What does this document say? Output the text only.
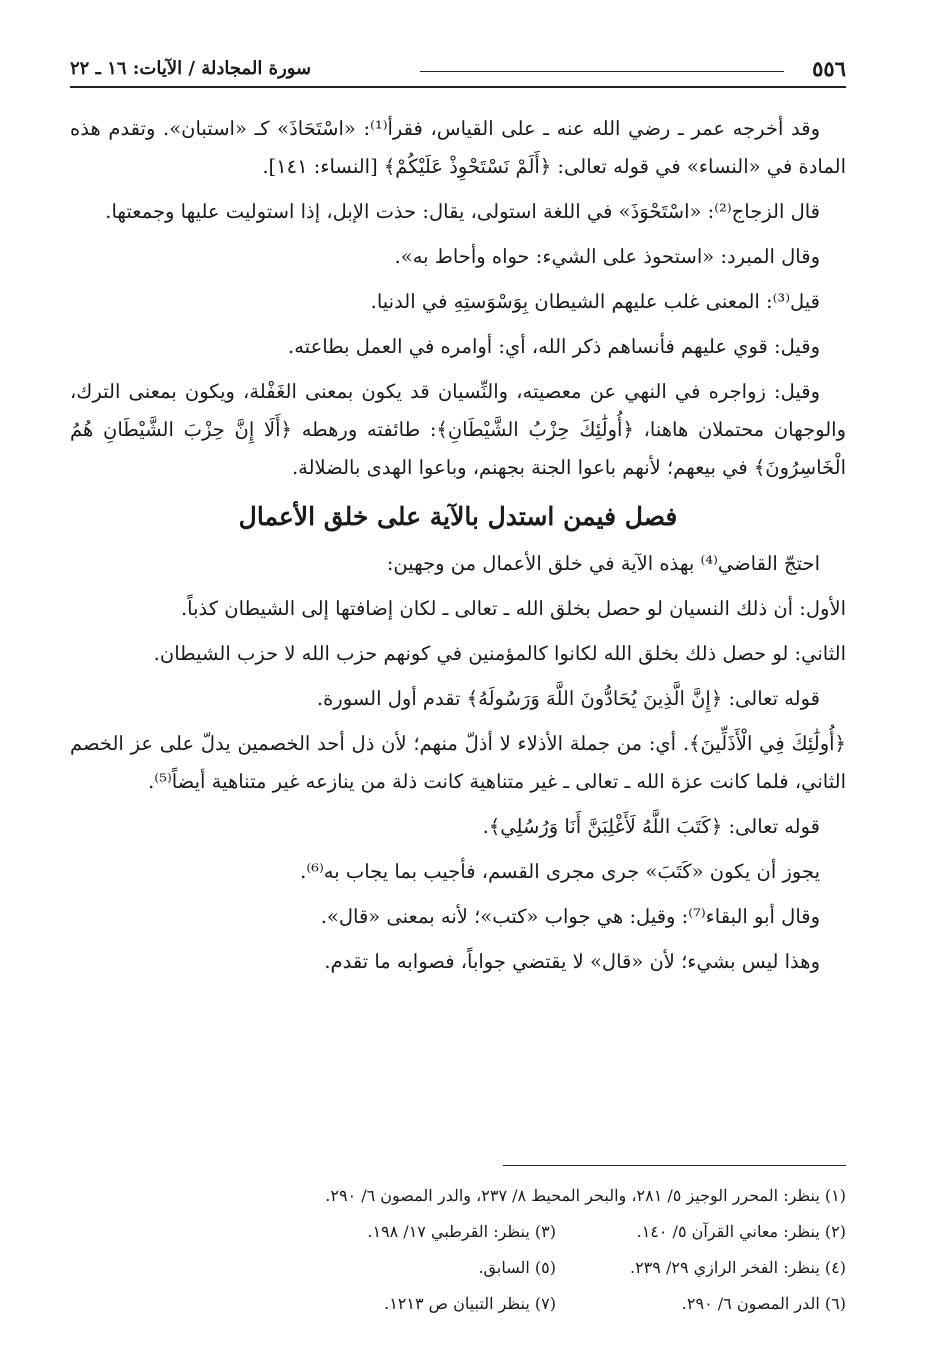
٥٥٦
سورة المجادلة / الآيات: ١٦ ـ ٢٢

وقد أخرجه عمر ـ رضي الله عنه ـ على القياس، فقرأ⁽¹⁾: «اسْتَحَاذَ» كـ «استبان». وتقدم هذه المادة في «النساء» في قوله تعالى: ﴿أَلَمْ نَسْتَحْوِذْ عَلَيْكُمْ﴾ [النساء: ١٤١].

قال الزجاج⁽²⁾: «اسْتَحْوَذَ» في اللغة استولى، يقال: حذت الإبل، إذا استوليت عليها وجمعتها.

وقال المبرد: «استحوذ على الشيء: حواه وأحاط به».

قيل⁽³⁾: المعنى غلب عليهم الشيطان بِوَسْوَستِهِ في الدنيا.

وقيل: قوي عليهم فأنساهم ذكر الله، أي: أوامره في العمل بطاعته.

وقيل: زواجره في النهي عن معصيته، والنِّسيان قد يكون بمعنى الغَفْلة، ويكون بمعنى الترك، والوجهان محتملان هاهنا، ﴿أُولَٰئِكَ حِزْبُ الشَّيْطَانِ﴾: طائفته ورهطه ﴿أَلَا إِنَّ حِزْبَ الشَّيْطَانِ هُمُ الْخَاسِرُونَ﴾ في بيعهم؛ لأنهم باعوا الجنة بجهنم، وباعوا الهدى بالضلالة.

فصل فيمن استدل بالآية على خلق الأعمال

احتجّ القاضي⁽⁴⁾ بهذه الآية في خلق الأعمال من وجهين:

الأول: أن ذلك النسيان لو حصل بخلق الله ـ تعالى ـ لكان إضافتها إلى الشيطان كذباً.

الثاني: لو حصل ذلك بخلق الله لكانوا كالمؤمنين في كونهم حزب الله لا حزب الشيطان.

قوله تعالى: ﴿إِنَّ الَّذِينَ يُحَادُّونَ اللَّهَ وَرَسُولَهُ﴾ تقدم أول السورة.

﴿أُولَٰئِكَ فِي الْأَذَلِّينَ﴾. أي: من جملة الأذلاء لا أذلّ منهم؛ لأن ذل أحد الخصمين يدلّ على عز الخصم الثاني، فلما كانت عزة الله ـ تعالى ـ غير متناهية كانت ذلة من ينازعه غير متناهية أيضاً⁽⁵⁾.

قوله تعالى: ﴿كَتَبَ اللَّهُ لَأَغْلِبَنَّ أَنَا وَرُسُلِي﴾.

يجوز أن يكون «كَتَبَ» جرى مجرى القسم، فأجيب بما يجاب به⁽⁶⁾.

وقال أبو البقاء⁽⁷⁾: وقيل: هي جواب «كتب»؛ لأنه بمعنى «قال».

وهذا ليس بشيء؛ لأن «قال» لا يقتضي جواباً، فصوابه ما تقدم.

(١) ينظر: المحرر الوجيز ٥/ ٢٨١، والبحر المحيط ٨/ ٢٣٧، والدر المصون ٦/ ٢٩٠.
(٢) ينظر: معاني القرآن ٥/ ١٤٠.
(٣) ينظر: القرطبي ١٧/ ١٩٨.
(٤) ينظر: الفخر الرازي ٢٩/ ٢٣٩.
(٥) السابق.
(٦) الدر المصون ٦/ ٢٩٠.
(٧) ينظر التبيان ص ١٢١٣.
